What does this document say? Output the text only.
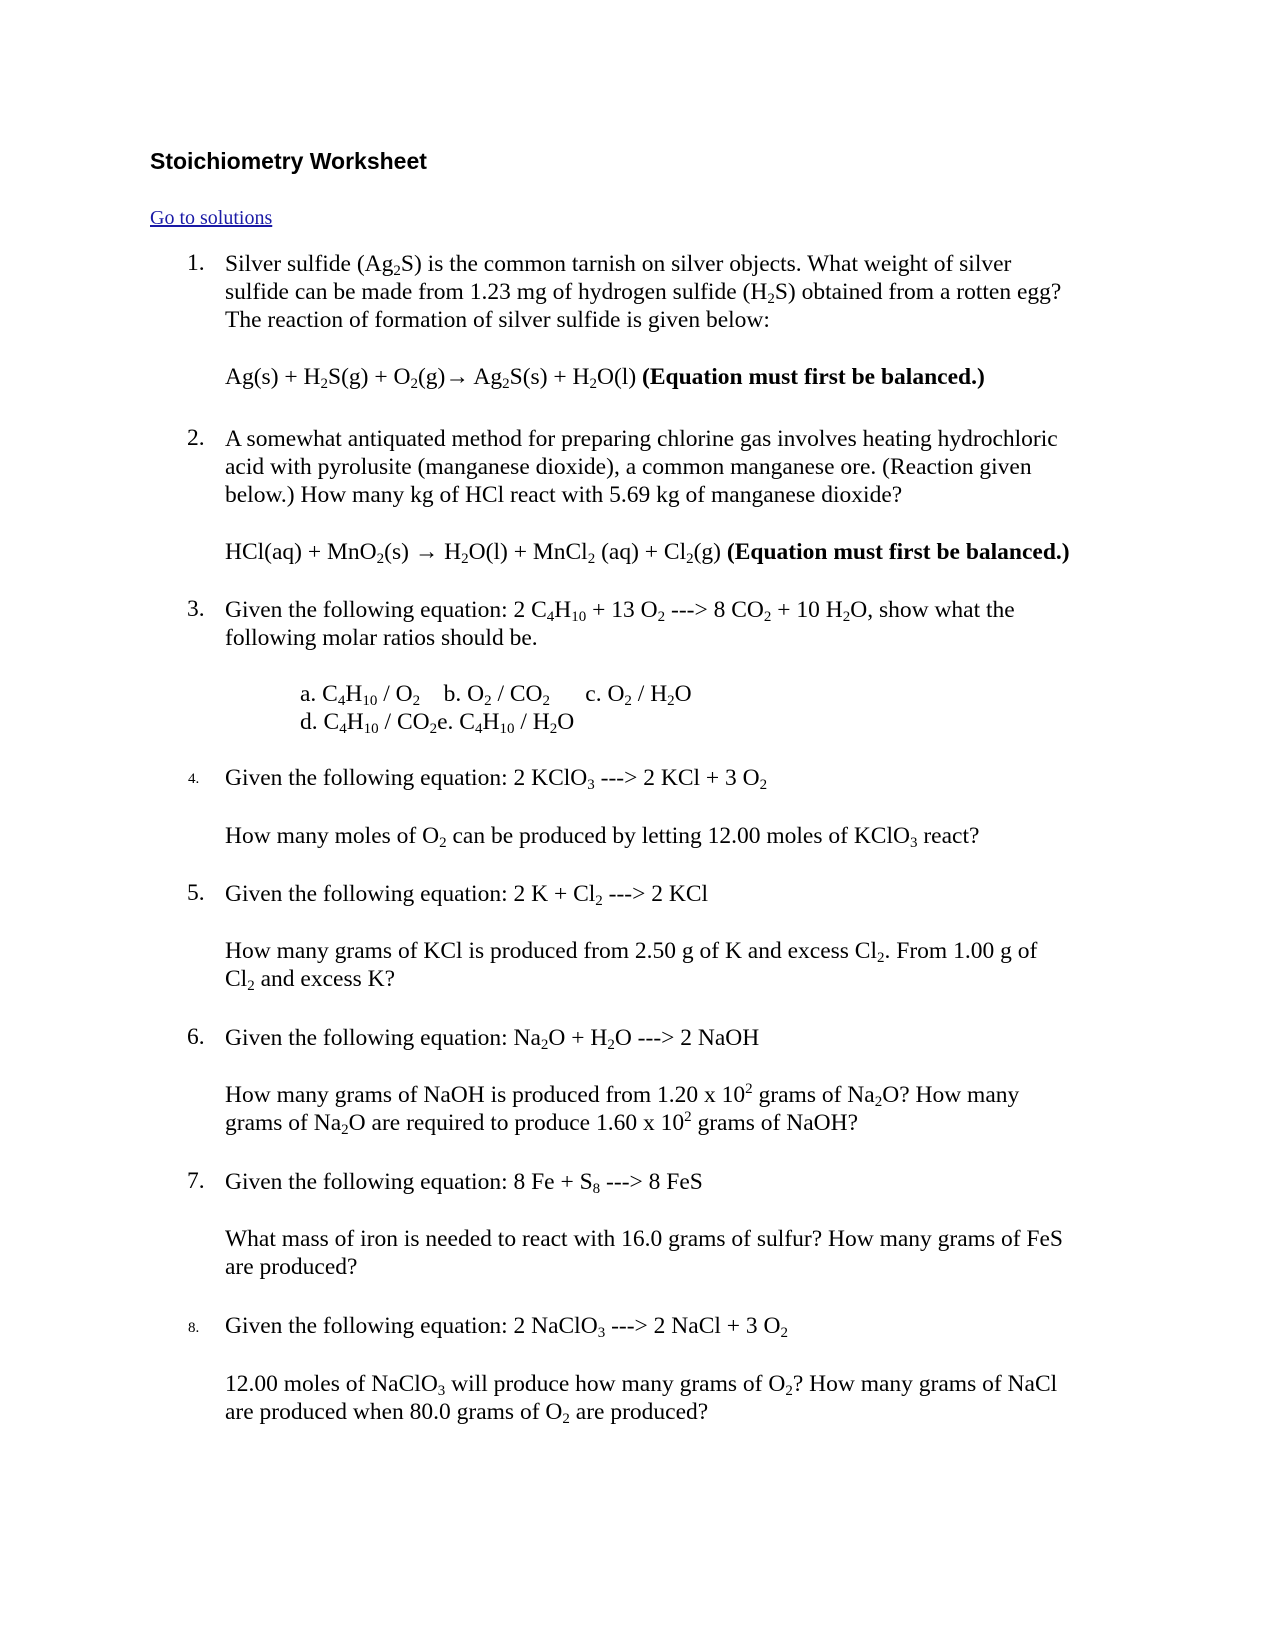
Stoichiometry Worksheet
Go to solutions
1. Silver sulfide $(Ag_2S)$ is the common tarnish on silver objects. What weight of silver
sulfide can be made from 1.23 mg of hydrogen sulfide $(H_2S)$ obtained from a rotten egg?
The reaction of formation of silver sulfide is given below:
$Ag(s) + H_2S(g) + O_2(g)\to Ag_2S(s) + H_2O(l)$ (Equation must first be balanced.)
2. A somewhat antiquated method for preparing chlorine gas involves heating hydrochloric
acid with pyrolusite (manganese dioxide), a common manganese ore. (Reaction given
below.) How many kg of HCl react with 5.69 kg of manganese dioxide?
$HCl(aq) + MnO_2(s) \to H_2O(l)$ + MnCl$_2$ $(aq) + Cl_2(g)$ (Equation must first be balanced.)
3. Given the following equation: 2 $C_4H_{10} + 13$ $O_2$ ---> 8 $CO_2 + 10$ $H_2O$, show what the
following molar ratios should be.
a. $C_4H_{10} / O_2$    b. $O_2 / CO_2$      c. $O_2 / H_2O$
d. $C_4H_{10} / CO_2e$. $C_4H_{10} / H_2O$
4. Given the following equation: 2 KClO$_3$ ---> 2 KCl + 3 $O_2$
How many moles of $O_2$ can be produced by letting 12.00 moles of KClO$_3$ react?
5. Given the following equation: 2 $K + Cl_2$ ---> 2 KCl
How many grams of KCl is produced from 2.50 g of K and excess $Cl_2$. From 1.00 g of
$Cl_2$ and excess K?
6. Given the following equation: $Na_2O + H_2O$ ---> 2 NaOH
How many grams of NaOH is produced from 1.20 x $10^2$ grams of $Na_2O$? How many
grams of $Na_2O$ are required to produce 1.60 x $10^2$ grams of NaOH?
7. Given the following equation: 8 $Fe + S_8$ ---> 8 FeS
What mass of iron is needed to react with 16.0 grams of sulfur? How many grams of FeS
are produced?
8. Given the following equation: 2 NaClO$_3$ ---> 2 NaCl + 3 $O_2$
12.00 moles of NaClO$_3$ will produce how many grams of $O_2$? How many grams of NaCl
are produced when 80.0 grams of $O_2$ are produced?
